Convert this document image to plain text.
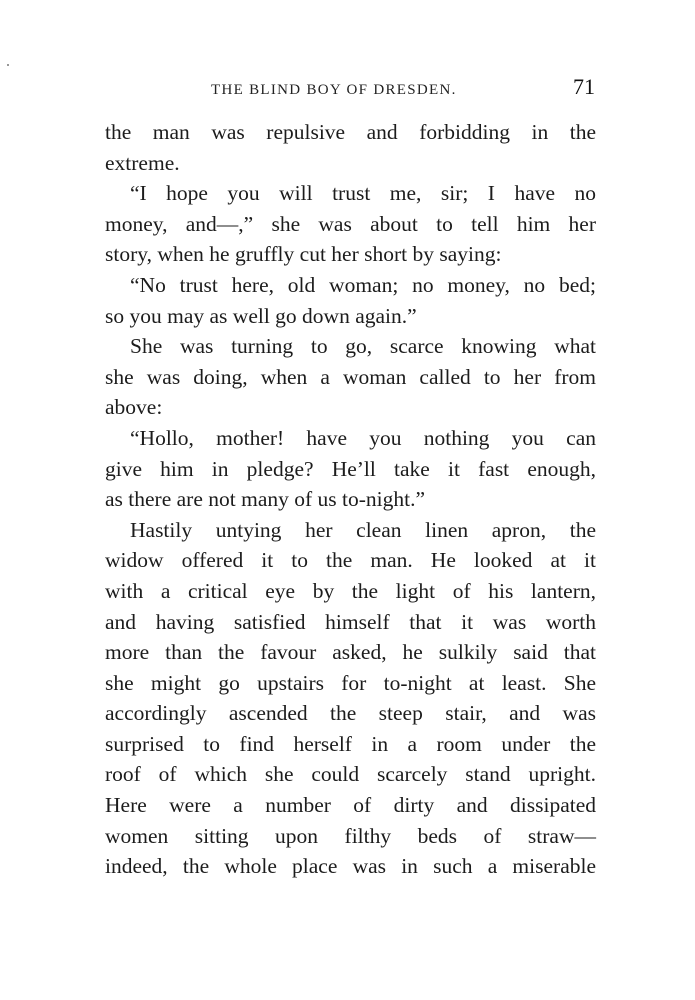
THE BLIND BOY OF DRESDEN.	71
the man was repulsive and forbidding in the
extreme.
“I hope you will trust me, sir; I have no
money, and—,” she was about to tell him her
story, when he gruffly cut her short by saying:
“No trust here, old woman; no money, no bed;
so you may as well go down again.”
She was turning to go, scarce knowing what
she was doing, when a woman called to her from
above:
“Hollo, mother! have you nothing you can
give him in pledge? He’ll take it fast enough,
as there are not many of us to-night.”
Hastily untying her clean linen apron, the
widow offered it to the man. He looked at it
with a critical eye by the light of his lantern,
and having satisfied himself that it was worth
more than the favour asked, he sulkily said that
she might go upstairs for to-night at least. She
accordingly ascended the steep stair, and was
surprised to find herself in a room under the
roof of which she could scarcely stand upright.
Here were a number of dirty and dissipated
women sitting upon filthy beds of straw—
indeed, the whole place was in such a miserable
